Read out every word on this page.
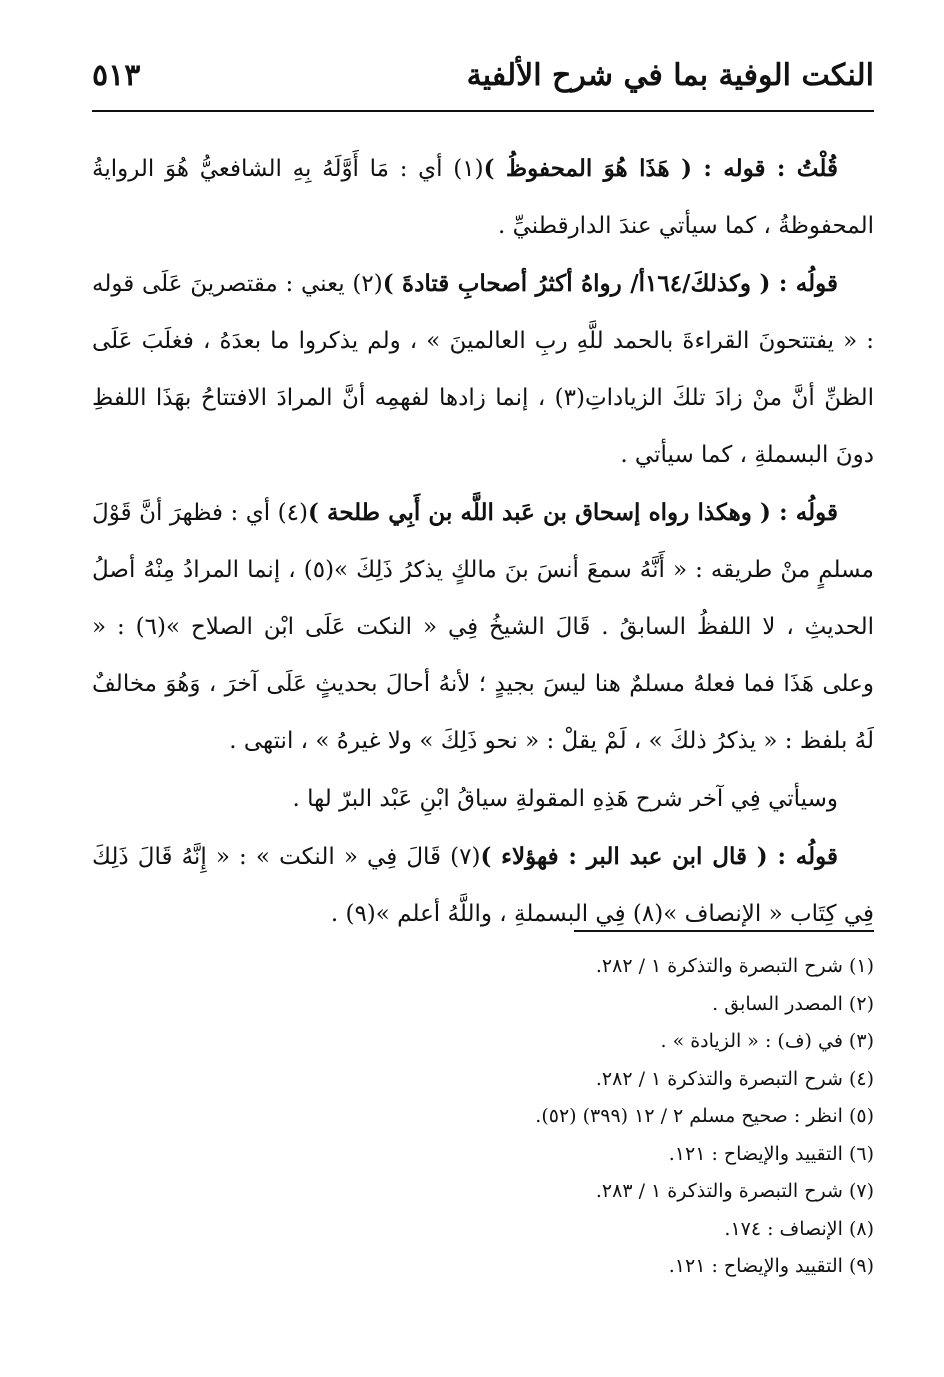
النكت الوفية بما في شرح الألفية
٥١٣

قُلْتُ : قوله : ( هَذَا هُوَ المحفوظُ )(١) أي : مَا أَوَّلَهُ بِهِ الشافعيُّ هُوَ الروايةُ المحفوظةُ ، كما سيأتي عندَ الدارقطنيِّ .

قولُه : ( وكذلكَ/١٦٤أ/ رواهُ أكثرُ أصحابِ قتادةَ )(٢) يعني : مقتصرينَ عَلَى قوله : « يفتتحونَ القراءةَ بالحمد للَّهِ ربِ العالمينَ » ، ولم يذكروا ما بعدَهُ ، فغلَبَ عَلَى الظنِّ أنَّ منْ زادَ تلكَ الزياداتِ(٣) ، إنما زادها لفهمِه أنَّ المرادَ الافتتاحُ بهَذَا اللفظِ دونَ البسملةِ ، كما سيأتي .

قولُه : ( وهكذا رواه إسحاق بن عَبد اللَّه بن أَبِي طلحة )(٤) أي : فظهرَ أنَّ قَوْلَ مسلمٍ منْ طريقه : « أَنَّهُ سمعَ أنسَ بنَ مالكٍ يذكرُ ذَلِكَ »(٥) ، إنما المرادُ مِنْهُ أصلُ الحديثِ ، لا اللفظُ السابقُ . قَالَ الشيخُ فِي « النكت عَلَى ابْن الصلاح »(٦) : « وعلى هَذَا فما فعلهُ مسلمٌ هنا ليسَ بجيدٍ ؛ لأنهُ أحالَ بحديثٍ عَلَى آخرَ ، وَهُوَ مخالفٌ لَهُ بلفظ : « يذكرُ ذلكَ » ، لَمْ يقلْ : « نحو ذَلِكَ » ولا غيرهُ » ، انتهى .

وسيأتي فِي آخر شرح هَذِهِ المقولةِ سياقُ ابْنِ عَبْد البرّ لها .

قولُه : ( قال ابن عبد البر : فهؤلاء )(٧) قَالَ فِي « النكت » : « إِنَّهُ قَالَ ذَلِكَ فِي كِتَاب « الإنصاف »(٨) فِي البسملةِ ، واللَّهُ أعلم »(٩) .

(١) شرح التبصرة والتذكرة ١ / ٢٨٢.

(٢) المصدر السابق .

(٣) في (ف) : « الزيادة » .

(٤) شرح التبصرة والتذكرة ١ / ٢٨٢.

(٥) انظر : صحيح مسلم ٢ / ١٢ (٣٩٩) (٥٢).

(٦) التقييد والإيضاح : ١٢١.

(٧) شرح التبصرة والتذكرة ١ / ٢٨٣.

(٨) الإنصاف : ١٧٤.

(٩) التقييد والإيضاح : ١٢١.
